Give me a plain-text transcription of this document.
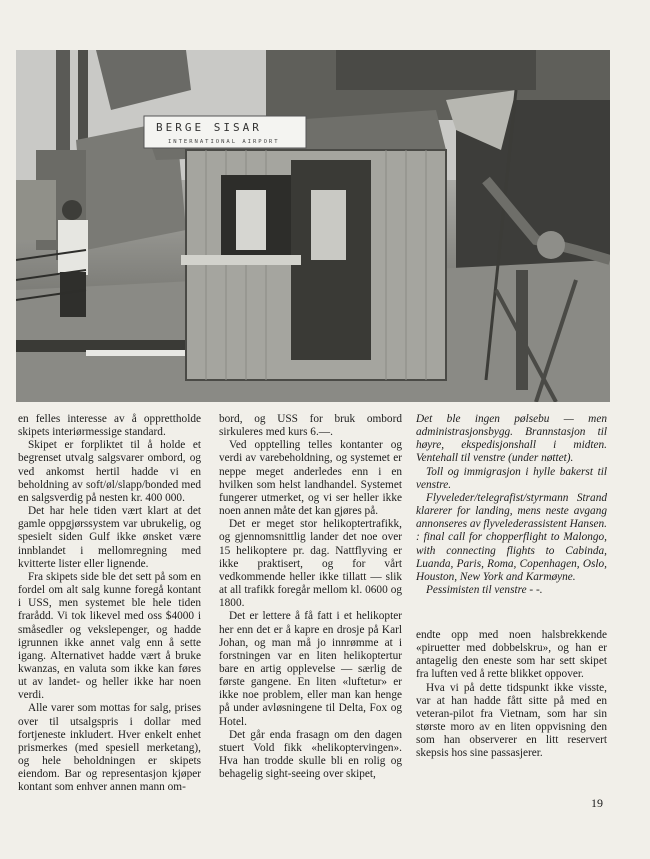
BERGE SISAR
INTERNATIONAL AIRPORT

en felles interesse av å opprettholde skipets interiørmessige standard.

Skipet er forpliktet til å holde et begrenset utvalg salgsvarer ombord, og ved ankomst hertil hadde vi en beholdning av soft/øl/slapp/bonded med en salgsverdig på nesten kr. 400 000.

Det har hele tiden vært klart at det gamle oppgjørssystem var ubrukelig, og spesielt siden Gulf ikke ønsket være innblandet i mellomregning med kvitterte lister eller lignende.

Fra skipets side ble det sett på som en fordel om alt salg kunne foregå kontant i USS, men systemet ble hele tiden frarådd. Vi tok likevel med oss $4000 i småsedler og vekslepenger, og hadde igrunnen ikke annet valg enn å sette igang. Alternativet hadde vært å bruke kwanzas, en valuta som ikke kan føres ut av landet- og heller ikke har noen verdi.

Alle varer som mottas for salg, prises over til utsalgspris i dollar med fortjeneste inkludert. Hver enkelt enhet prismerkes (med spesiell merketang), og hele beholdningen er skipets eiendom. Bar og representasjon kjøper kontant som enhver annen mann om-

bord, og USS for bruk ombord sirkuleres med kurs 6.—.

Ved opptelling telles kontanter og verdi av varebeholdning, og systemet er neppe meget anderledes enn i en hvilken som helst landhandel. Systemet fungerer utmerket, og vi ser heller ikke noen annen måte det kan gjøres på.

Det er meget stor helikoptertrafikk, og gjennomsnittlig lander det noe over 15 helikoptere pr. dag. Nattflyving er ikke praktisert, og for vårt vedkommende heller ikke tillatt — slik at all trafikk foregår mellom kl. 0600 og 1800.

Det er lettere å få fatt i et helikopter her enn det er å kapre en drosje på Karl Johan, og man må jo innrømme at i forstningen var en liten helikoptertur bare en artig opplevelse — særlig de første gangene. En liten «luftetur» er ikke noe problem, eller man kan henge på under avløsningene til Delta, Fox og Hotel.

Det går enda frasagn om den dagen stuert Vold fikk «helikoptervingen». Hva han trodde skulle bli en rolig og behagelig sight-seeing over skipet,

Det ble ingen pølsebu — men administrasjonsbygg. Brannstasjon til høyre, ekspedisjonshall i midten. Ventehall til venstre (under nøttet).

Toll og immigrasjon i hylle bakerst til venstre.

Flyveleder/telegrafist/styrmann Strand klarerer for landing, mens neste avgang annonseres av flyvelederassistent Hansen.

: final call for chopperflight to Malongo, with connecting flights to Cabinda, Luanda, Paris, Roma, Copenhagen, Oslo, Houston, New York and Karmøyne.

Pessimisten til venstre - -.

endte opp med noen halsbrekkende «piruetter med dobbelskru», og han er antagelig den eneste som har sett skipet fra luften ved å rette blikket oppover.

Hva vi på dette tidspunkt ikke visste, var at han hadde fått sitte på med en veteran-pilot fra Vietnam, som har sin største moro av en liten oppvisning den som han observerer en litt reservert skepsis hos sine passasjerer.

19
